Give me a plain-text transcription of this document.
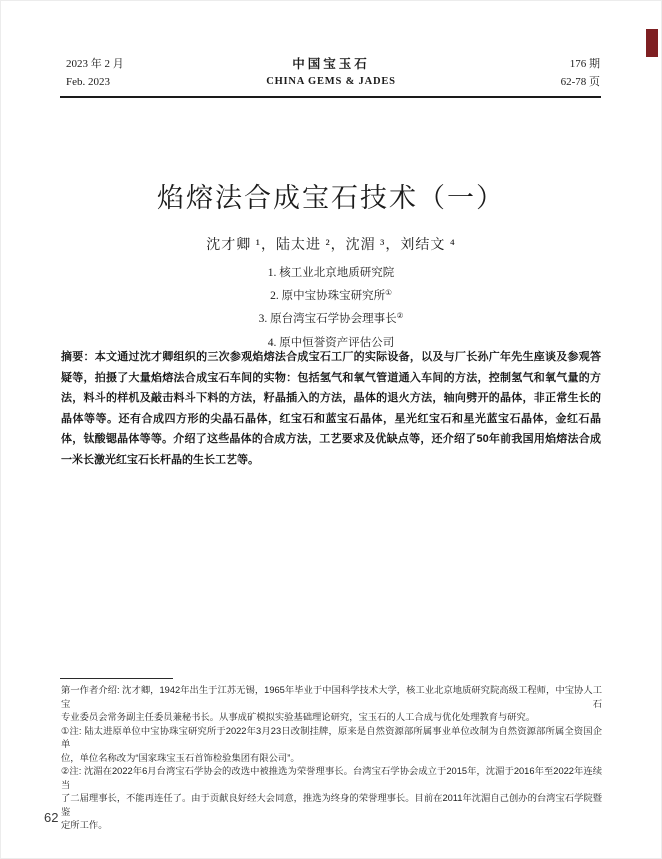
2023 年 2 月
Feb. 2023
中国宝玉石
CHINA GEMS & JADES
176 期
62-78 页
焰熔法合成宝石技术（一）
沈才卿 ¹，陆太进 ²，沈湄 ³，刘结文 ⁴
1. 核工业北京地质研究院
2. 原中宝协珠宝研究所①
3. 原台湾宝石学协会理事长②
4. 原中恒誉资产评估公司
摘要：本文通过沈才卿组织的三次参观焰熔法合成宝石工厂的实际设备，以及与厂长孙广年先生座谈及参观答
疑等，拍摄了大量焰熔法合成宝石车间的实物：包括氢气和氧气管道通入车间的方法，控制氢气和氧气量的方
法，料斗的样机及敲击料斗下料的方法，籽晶插入的方法，晶体的退火方法，轴向劈开的晶体，非正常生长的
晶体等等。还有合成四方形的尖晶石晶体，红宝石和蓝宝石晶体，星光红宝石和星光蓝宝石晶体，金红石晶
体，钛酸锶晶体等等。介绍了这些晶体的合成方法，工艺要求及优缺点等，还介绍了50年前我国用焰熔法合成
一米长激光红宝石长杆晶的生长工艺等。
第一作者介绍: 沈才卿，1942年出生于江苏无锡，1965年毕业于中国科学技术大学，核工业北京地质研究院高级工程师，中宝协人工宝石
专业委员会常务副主任委员兼秘书长。从事成矿模拟实验基础理论研究，宝玉石的人工合成与优化处理教育与研究。
①注: 陆太进原单位中宝协珠宝研究所于2022年3月23日改制挂牌，原来是自然资源部所属事业单位改制为自然资源部所属全资国企单
位，单位名称改为“国家珠宝玉石首饰检验集团有限公司”。
②注: 沈湄在2022年6月台湾宝石学协会的改选中被推选为荣誉理事长。台湾宝石学协会成立于2015年，沈湄于2016年至2022年连续当
了二届理事长，不能再连任了。由于贡献良好经大会同意，推选为终身的荣誉理事长。目前在2011年沈湄自己创办的台湾宝石学院暨鉴
定所工作。
62
